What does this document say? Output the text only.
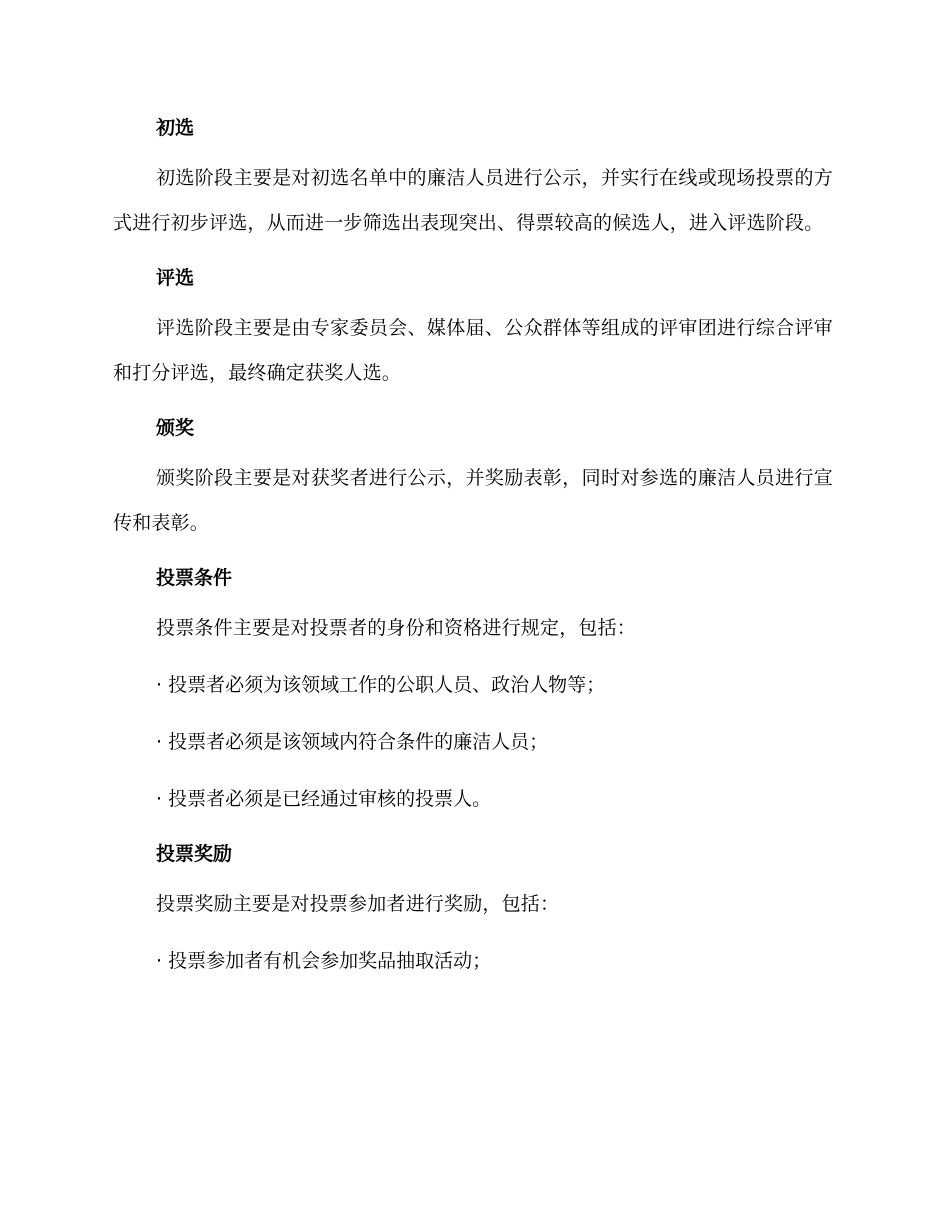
初选

初选阶段主要是对初选名单中的廉洁人员进行公示，并实行在线或现场投票的方式进行初步评选，从而进一步筛选出表现突出、得票较高的候选人，进入评选阶段。

评选

评选阶段主要是由专家委员会、媒体届、公众群体等组成的评审团进行综合评审和打分评选，最终确定获奖人选。

颁奖

颁奖阶段主要是对获奖者进行公示，并奖励表彰，同时对参选的廉洁人员进行宣传和表彰。

投票条件

投票条件主要是对投票者的身份和资格进行规定，包括：

· 投票者必须为该领域工作的公职人员、政治人物等；
· 投票者必须是该领域内符合条件的廉洁人员；
· 投票者必须是已经通过审核的投票人。
投票奖励

投票奖励主要是对投票参加者进行奖励，包括：

· 投票参加者有机会参加奖品抽取活动；
